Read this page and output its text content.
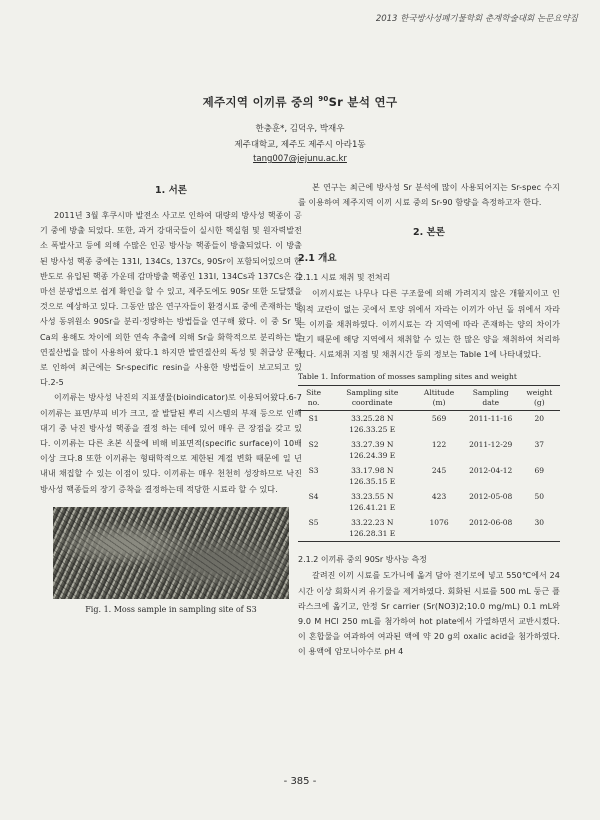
2013 한국방사성폐기물학회 춘계학술대회 논문요약집
제주지역 이끼류 중의 $^{90}$Sr 분석 연구
한충훈*, 김덕우, 박재우
제주대학교, 제주도 제주시 아라1동
tang007@jejunu.ac.kr
1. 서론

2011년 3월 후쿠시마 발전소 사고로 인하여 대량의 방사성 핵종이 공기 중에 방출 되었다. 또한, 과거 강대국들이 실시한 핵실험 및 원자력발전소 폭발사고 등에 의해 수많은 인공 방사능 핵종들이 방출되었다. 이 방출된 방사성 핵종 중에는 131I, 134Cs, 137Cs, 90Sr이 포함되어있으며 한반도로 유입된 핵종 가운데 감마방출 핵종인 131I, 134Cs과 137Cs은 감마선 분광법으로 쉽게 확인을 할 수 있고, 제주도에도 90Sr 또한 도달했을 것으로 예상하고 있다. 그동안 많은 연구자들이 환경시료 중에 존재하는 방사성 동위원소 90Sr을 분리·정량하는 방법들을 연구해 왔다. 이 중 Sr 및 Ca의 용해도 차이에 의한 연속 추출에 의해 Sr을 화학적으로 분리하는 발연질산법을 많이 사용하여 왔다.1 하지만 발연질산의 독성 및 취급상 문제로 인하여 최근에는 Sr-specific resin을 사용한 방법들이 보고되고 있다.2-5

이끼류는 방사성 낙진의 지표생물(bioindicator)로 이용되어왔다.6-7 이끼류는 표면/부피 비가 크고, 잘 발달된 뿌리 시스템의 부재 등으로 인해 대기 중 낙진 방사성 핵종을 결정 하는 데에 있어 매우 큰 장점을 갖고 있다. 이끼류는 다른 초본 식물에 비해 비표면적(specific surface)이 10배 이상 크다.8 또한 이끼류는 형태학적으로 제한된 계절 변화 때문에 일 년 내내 채집할 수 있는 이점이 있다. 이끼류는 매우 천천히 성장하므로 낙진 방사성 핵종들의 장기 증착을 결정하는데 적당한 시료라 할 수 있다.

Fig. 1. Moss sample in sampling site of S3

본 연구는 최근에 방사성 Sr 분석에 많이 사용되어지는 Sr-spec 수지를 이용하여 제주지역 이끼 시료 중의 Sr-90 함량을 측정하고자 한다.

2. 본론
2.1 개요
2.1.1 시료 채취 및 전처리

이끼시료는 나무나 다른 구조물에 의해 가려지지 않은 개활지이고 인위적 교란이 없는 곳에서 토양 위에서 자라는 이끼가 아닌 돌 위에서 자라는 이끼를 채취하였다. 이끼시료는 각 지역에 따라 존재하는 양의 차이가 크기 때문에 해당 지역에서 채취할 수 있는 한 많은 양을 채취하여 처리하였다. 시료채취 지점 및 채취시간 등의 정보는 Table 1에 나타내었다.

Table 1. Information of mosses sampling sites and weight
Site no.	Sampling site coordinate	Altitude (m)	Sampling date	weight (g)
S1	33.25.28 N
126.33.25 E	569	2011-11-16	20
S2	33.27.39 N
126.24.39 E	122	2011-12-29	37
S3	33.17.98 N
126.35.15 E	245	2012-04-12	69
S4	33.23.55 N
126.41.21 E	423	2012-05-08	50
S5	33.22.23 N
126.28.31 E	1076	2012-06-08	30
2.1.2 이끼류 중의 90Sr 방사능 측정

갈려진 이끼 시료를 도가니에 옮겨 담아 전기로에 넣고 550℃에서 24시간 이상 회화시켜 유기물을 제거하였다. 회화된 시료를 500 mL 둥근 플라스크에 옮기고, 안정 Sr carrier (Sr(NO3)2;10.0 mg/mL) 0.1 mL와 9.0 M HCl 250 mL를 첨가하여 hot plate에서 가열하면서 교반시켰다. 이 혼합물을 여과하여 여과된 액에 약 20 g의 oxalic acid을 첨가하였다. 이 용액에 암모니아수로 pH 4

- 385 -
